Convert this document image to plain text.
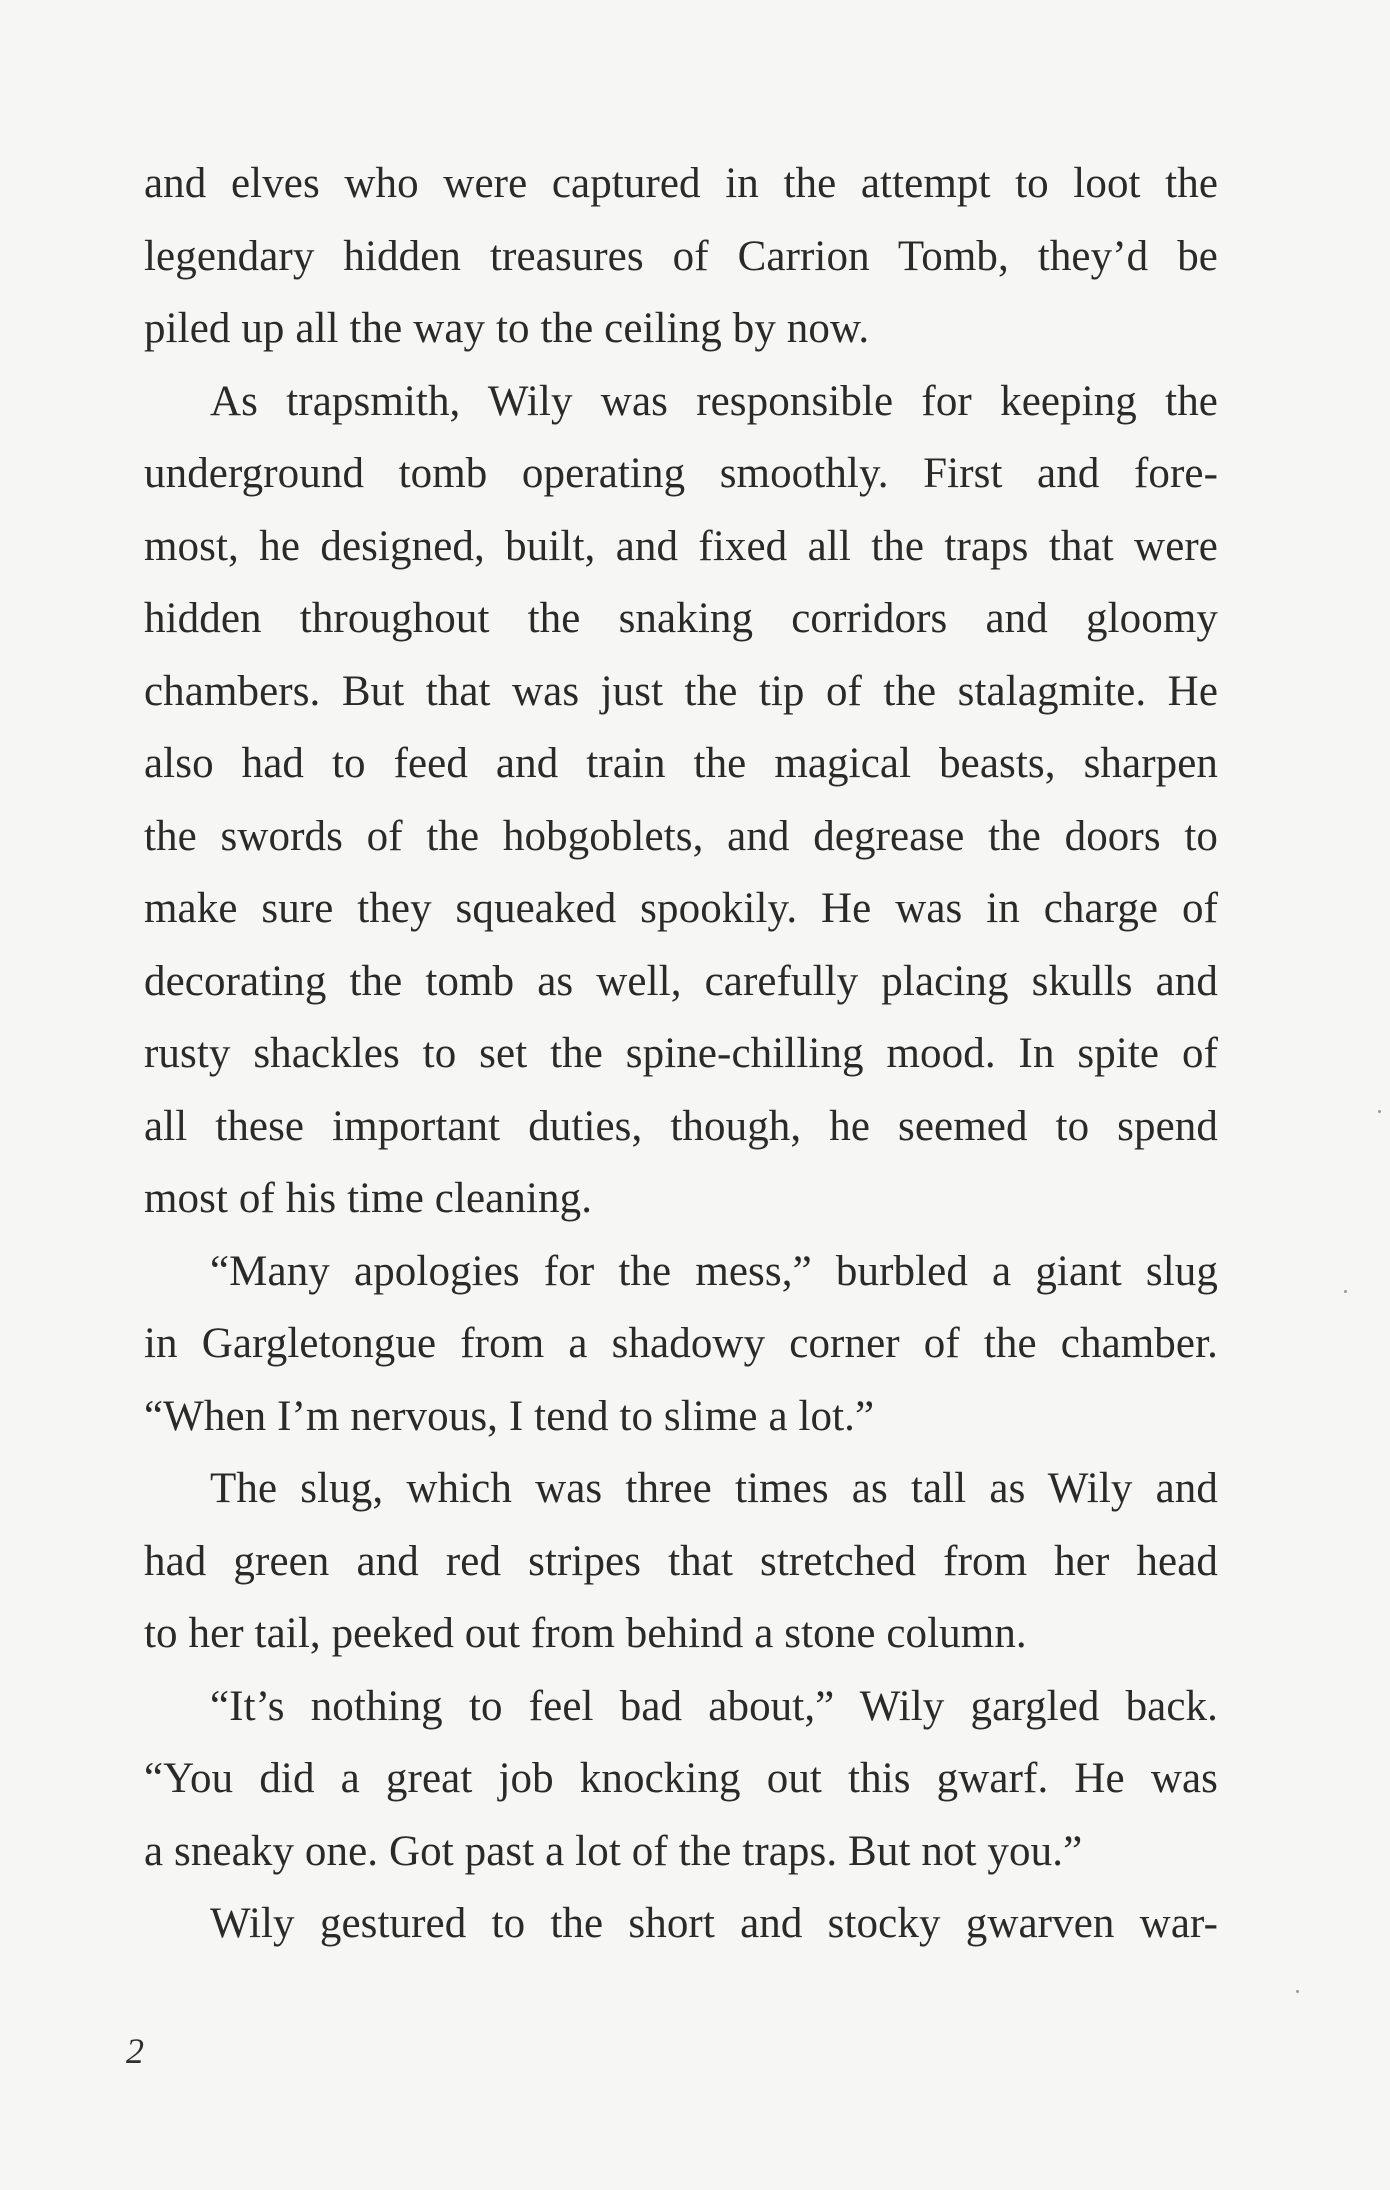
and elves who were captured in the attempt to loot the
legendary hidden treasures of Carrion Tomb, they’d be
piled up all the way to the ceiling by now.
As trapsmith, Wily was responsible for keeping the
underground tomb operating smoothly. First and fore-
most, he designed, built, and fixed all the traps that were
hidden throughout the snaking corridors and gloomy
chambers. But that was just the tip of the stalagmite. He
also had to feed and train the magical beasts, sharpen
the swords of the hobgoblets, and degrease the doors to
make sure they squeaked spookily. He was in charge of
decorating the tomb as well, carefully placing skulls and
rusty shackles to set the spine-chilling mood. In spite of
all these important duties, though, he seemed to spend
most of his time cleaning.
“Many apologies for the mess,” burbled a giant slug
in Gargletongue from a shadowy corner of the chamber.
“When I’m nervous, I tend to slime a lot.”
The slug, which was three times as tall as Wily and
had green and red stripes that stretched from her head
to her tail, peeked out from behind a stone column.
“It’s nothing to feel bad about,” Wily gargled back.
“You did a great job knocking out this gwarf. He was
a sneaky one. Got past a lot of the traps. But not you.”
Wily gestured to the short and stocky gwarven war-
2
